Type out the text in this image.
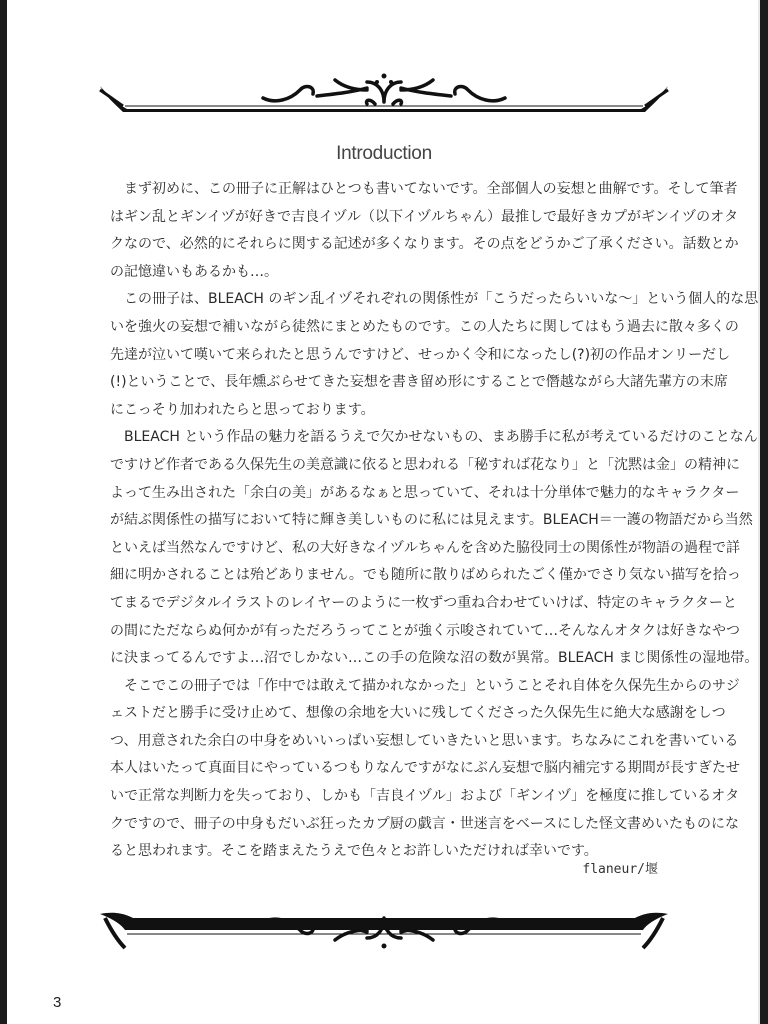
Introduction
　まず初めに、この冊子に正解はひとつも書いてないです。全部個人の妄想と曲解です。そして筆者
はギン乱とギンイヅが好きで吉良イヅル（以下イヅルちゃん）最推しで最好きカプがギンイヅのオタ
クなので、必然的にそれらに関する記述が多くなります。その点をどうかご了承ください。話数とか
の記憶違いもあるかも…。
　この冊子は、BLEACH のギン乱イヅそれぞれの関係性が「こうだったらいいな～」という個人的な思
いを強火の妄想で補いながら徒然にまとめたものです。この人たちに関してはもう過去に散々多くの
先達が泣いて嘆いて来られたと思うんですけど、せっかく令和になったし(?)初の作品オンリーだし
(!)ということで、長年燻ぶらせてきた妄想を書き留め形にすることで僭越ながら大諸先輩方の末席
にこっそり加われたらと思っております。
　BLEACH という作品の魅力を語るうえで欠かせないもの、まあ勝手に私が考えているだけのことなん
ですけど作者である久保先生の美意識に依ると思われる「秘すれば花なり」と「沈黙は金」の精神に
よって生み出された「余白の美」があるなぁと思っていて、それは十分単体で魅力的なキャラクター
が結ぶ関係性の描写において特に輝き美しいものに私には見えます。BLEACH＝一護の物語だから当然
といえば当然なんですけど、私の大好きなイヅルちゃんを含めた脇役同士の関係性が物語の過程で詳
細に明かされることは殆どありません。でも随所に散りばめられたごく僅かでさり気ない描写を拾っ
てまるでデジタルイラストのレイヤーのように一枚ずつ重ね合わせていけば、特定のキャラクターと
の間にただならぬ何かが有っただろうってことが強く示唆されていて…そんなんオタクは好きなやつ
に決まってるんですよ…沼でしかない…この手の危険な沼の数が異常。BLEACH まじ関係性の湿地帯。
　そこでこの冊子では「作中では敢えて描かれなかった」ということそれ自体を久保先生からのサジ
ェストだと勝手に受け止めて、想像の余地を大いに残してくださった久保先生に絶大な感謝をしつ
つ、用意された余白の中身をめいいっぱい妄想していきたいと思います。ちなみにこれを書いている
本人はいたって真面目にやっているつもりなんですがなにぶん妄想で脳内補完する期間が長すぎたせ
いで正常な判断力を失っており、しかも「吉良イヅル」および「ギンイヅ」を極度に推しているオタ
クですので、冊子の中身もだいぶ狂ったカプ厨の戯言・世迷言をベースにした怪文書めいたものにな
ると思われます。そこを踏まえたうえで色々とお許しいただければ幸いです。
flaneur/堰
3
